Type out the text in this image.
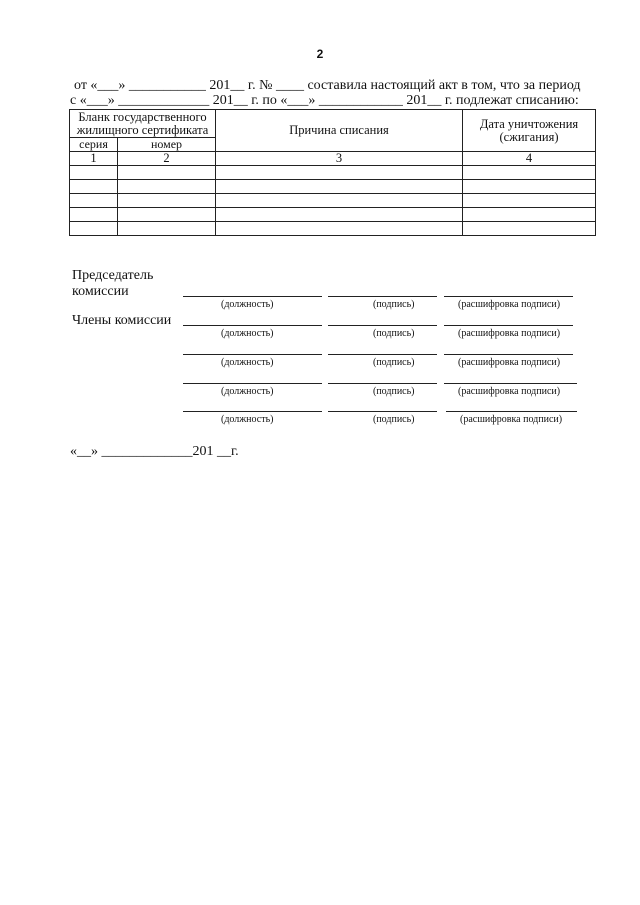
2
от «___» ___________ 201__ г. № ____ составила настоящий акт в том, что за период
с «___» _____________ 201__ г. по «___» ____________ 201__ г. подлежат списанию:
Бланк государственного жилищного сертификата		Причина списания	Дата уничтожения (сжигания)
серия	номер		
1	2	3	4

Председатель комиссии
Члены комиссии
(должность)	(подпись)	(расшифровка подписи)
(должность)	(подпись)	(расшифровка подписи)
(должность)	(подпись)	(расшифровка подписи)
(должность)	(подпись)	(расшифровка подписи)
(должность)	(подпись)	(расшифровка подписи)
«__» _____________201 __г.
